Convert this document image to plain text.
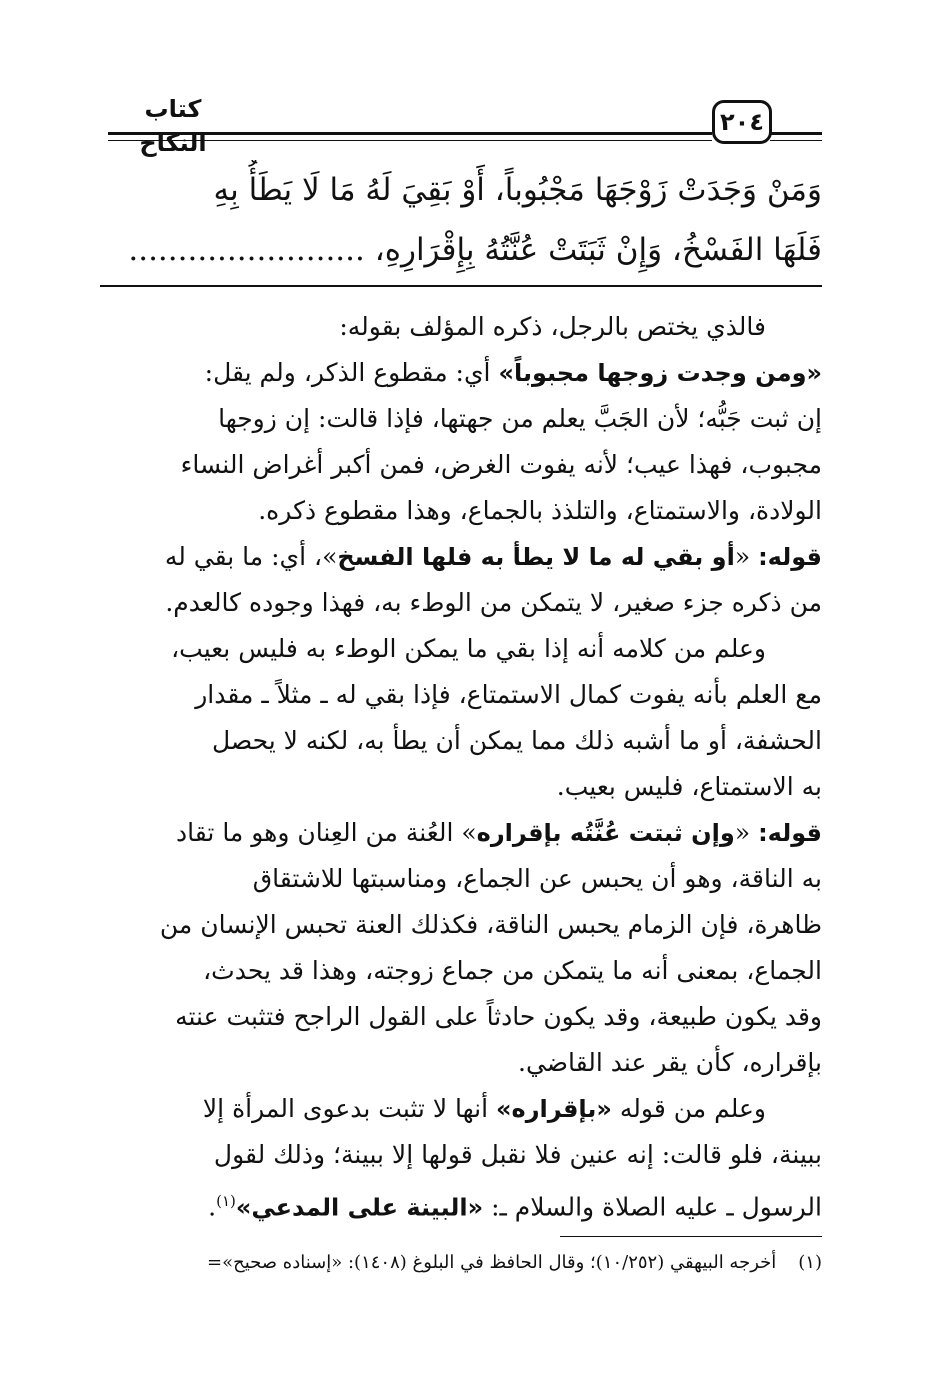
كتاب النكاح
٢٠٤
وَمَنْ وَجَدَتْ زَوْجَهَا مَجْبُوباً، أَوْ بَقِيَ لَهُ مَا لَا يَطَأُ بِهِ
فَلَهَا الفَسْخُ، وَإِنْ ثَبَتَتْ عُنَّتُهُ بِإِقْرَارِهِ، ........................
فالذي يختص بالرجل، ذكره المؤلف بقوله:
«ومن وجدت زوجها مجبوباً» أي: مقطوع الذكر، ولم يقل:
إن ثبت جَبُّه؛ لأن الجَبَّ يعلم من جهتها، فإذا قالت: إن زوجها
مجبوب، فهذا عيب؛ لأنه يفوت الغرض، فمن أكبر أغراض النساء
الولادة، والاستمتاع، والتلذذ بالجماع، وهذا مقطوع ذكره.
قوله: «أو بقي له ما لا يطأ به فلها الفسخ»، أي: ما بقي له
من ذكره جزء صغير، لا يتمكن من الوطء به، فهذا وجوده كالعدم.
وعلم من كلامه أنه إذا بقي ما يمكن الوطء به فليس بعيب،
مع العلم بأنه يفوت كمال الاستمتاع، فإذا بقي له ـ مثلاً ـ مقدار
الحشفة، أو ما أشبه ذلك مما يمكن أن يطأ به، لكنه لا يحصل
به الاستمتاع، فليس بعيب.
قوله: «وإن ثبتت عُنَّتُه بإقراره» العُنة من العِنان وهو ما تقاد
به الناقة، وهو أن يحبس عن الجماع، ومناسبتها للاشتقاق
ظاهرة، فإن الزمام يحبس الناقة، فكذلك العنة تحبس الإنسان من
الجماع، بمعنى أنه ما يتمكن من جماع زوجته، وهذا قد يحدث،
وقد يكون طبيعة، وقد يكون حادثاً على القول الراجح فتثبت عنته
بإقراره، كأن يقر عند القاضي.
وعلم من قوله «بإقراره» أنها لا تثبت بدعوى المرأة إلا
ببينة، فلو قالت: إنه عنين فلا نقبل قولها إلا ببينة؛ وذلك لقول
الرسول ـ عليه الصلاة والسلام ـ: «البينة على المدعي»$^{(١)}$.
(١)أخرجه البيهقي (١٠/٢٥٢)؛ وقال الحافظ في البلوغ (١٤٠٨): «إسناده صحيح»=
